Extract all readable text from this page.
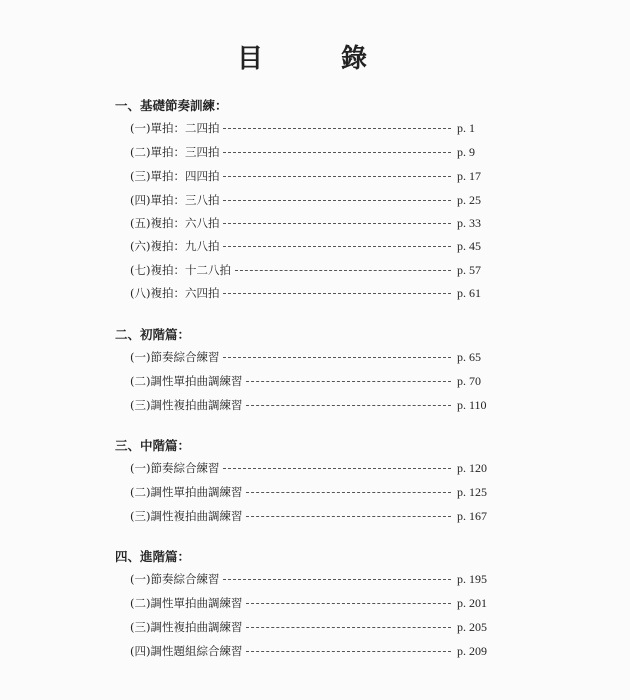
目	錄
一、基礎節奏訓練：
(一)單拍：二四拍	p. 1
(二)單拍：三四拍	p. 9
(三)單拍：四四拍	p. 17
(四)單拍：三八拍	p. 25
(五)複拍：六八拍	p. 33
(六)複拍：九八拍	p. 45
(七)複拍：十二八拍	p. 57
(八)複拍：六四拍	p. 61
二、初階篇：
(一)節奏綜合練習	p. 65
(二)調性單拍曲調練習	p. 70
(三)調性複拍曲調練習	p. 110
三、中階篇：
(一)節奏綜合練習	p. 120
(二)調性單拍曲調練習	p. 125
(三)調性複拍曲調練習	p. 167
四、進階篇：
(一)節奏綜合練習	p. 195
(二)調性單拍曲調練習	p. 201
(三)調性複拍曲調練習	p. 205
(四)調性題組綜合練習	p. 209
